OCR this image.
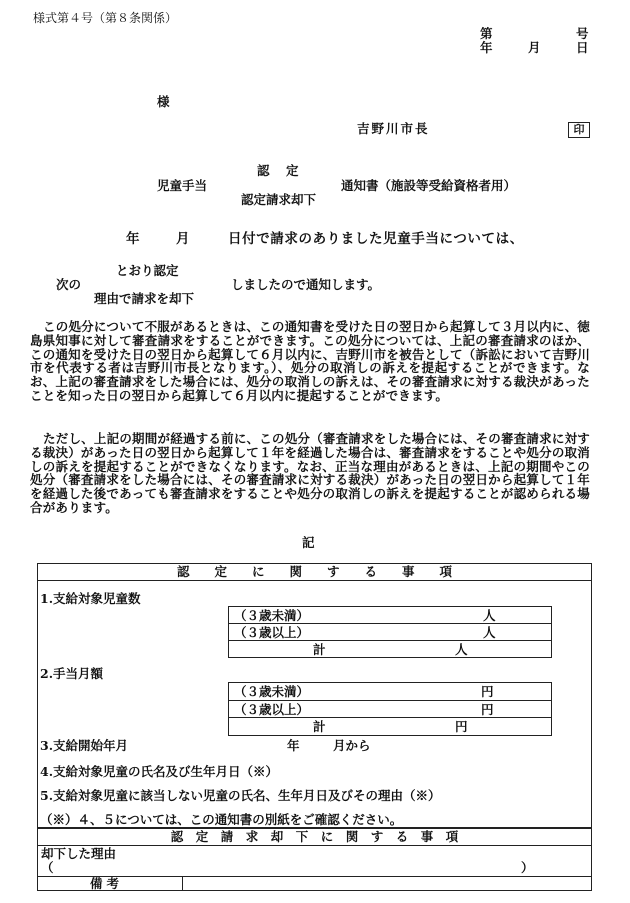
様式第４号（第８条関係）
第	号
年	月	日
様
吉野川市長	印
認　定
児童手当	通知書（施設等受給資格者用）
認定請求却下
年	月	日付で請求のありました児童手当については、
とおり認定
次の	しましたので通知します。
理由で請求を却下
この処分について不服があるときは、この通知書を受けた日の翌日から起算して３月以内に、徳島県知事に対して審査請求をすることができます。この処分については、上記の審査請求のほか、この通知を受けた日の翌日から起算して６月以内に、吉野川市を被告として（訴訟において吉野川市を代表する者は吉野川市長となります。）、処分の取消しの訴えを提起することができます。なお、上記の審査請求をした場合には、処分の取消しの訴えは、その審査請求に対する裁決があったことを知った日の翌日から起算して６月以内に提起することができます。
ただし、上記の期間が経過する前に、この処分（審査請求をした場合には、その審査請求に対する裁決）があった日の翌日から起算して１年を経過した場合は、審査請求をすることや処分の取消しの訴えを提起することができなくなります。なお、正当な理由があるときは、上記の期間やこの処分（審査請求をした場合には、その審査請求に対する裁決）があった日の翌日から起算して１年を経過した後であっても審査請求をすることや処分の取消しの訴えを提起することが認められる場合があります。
記
認　　定　　に　　関　　す　　る　　事　　項
1.支給対象児童数
（３歳未満）	人
（３歳以上）	人
計	人
2.手当月額
（３歳未満）	円
（３歳以上）	円
計	円
3.支給開始年月	年	月から
4.支給対象児童の氏名及び生年月日（※）
5.支給対象児童に該当しない児童の氏名、生年月日及びその理由（※）
（※）４、５については、この通知書の別紙をご確認ください。
認　定　請　求　却　下　に　関　す　る　事　項
却下した理由
（	）
備考
